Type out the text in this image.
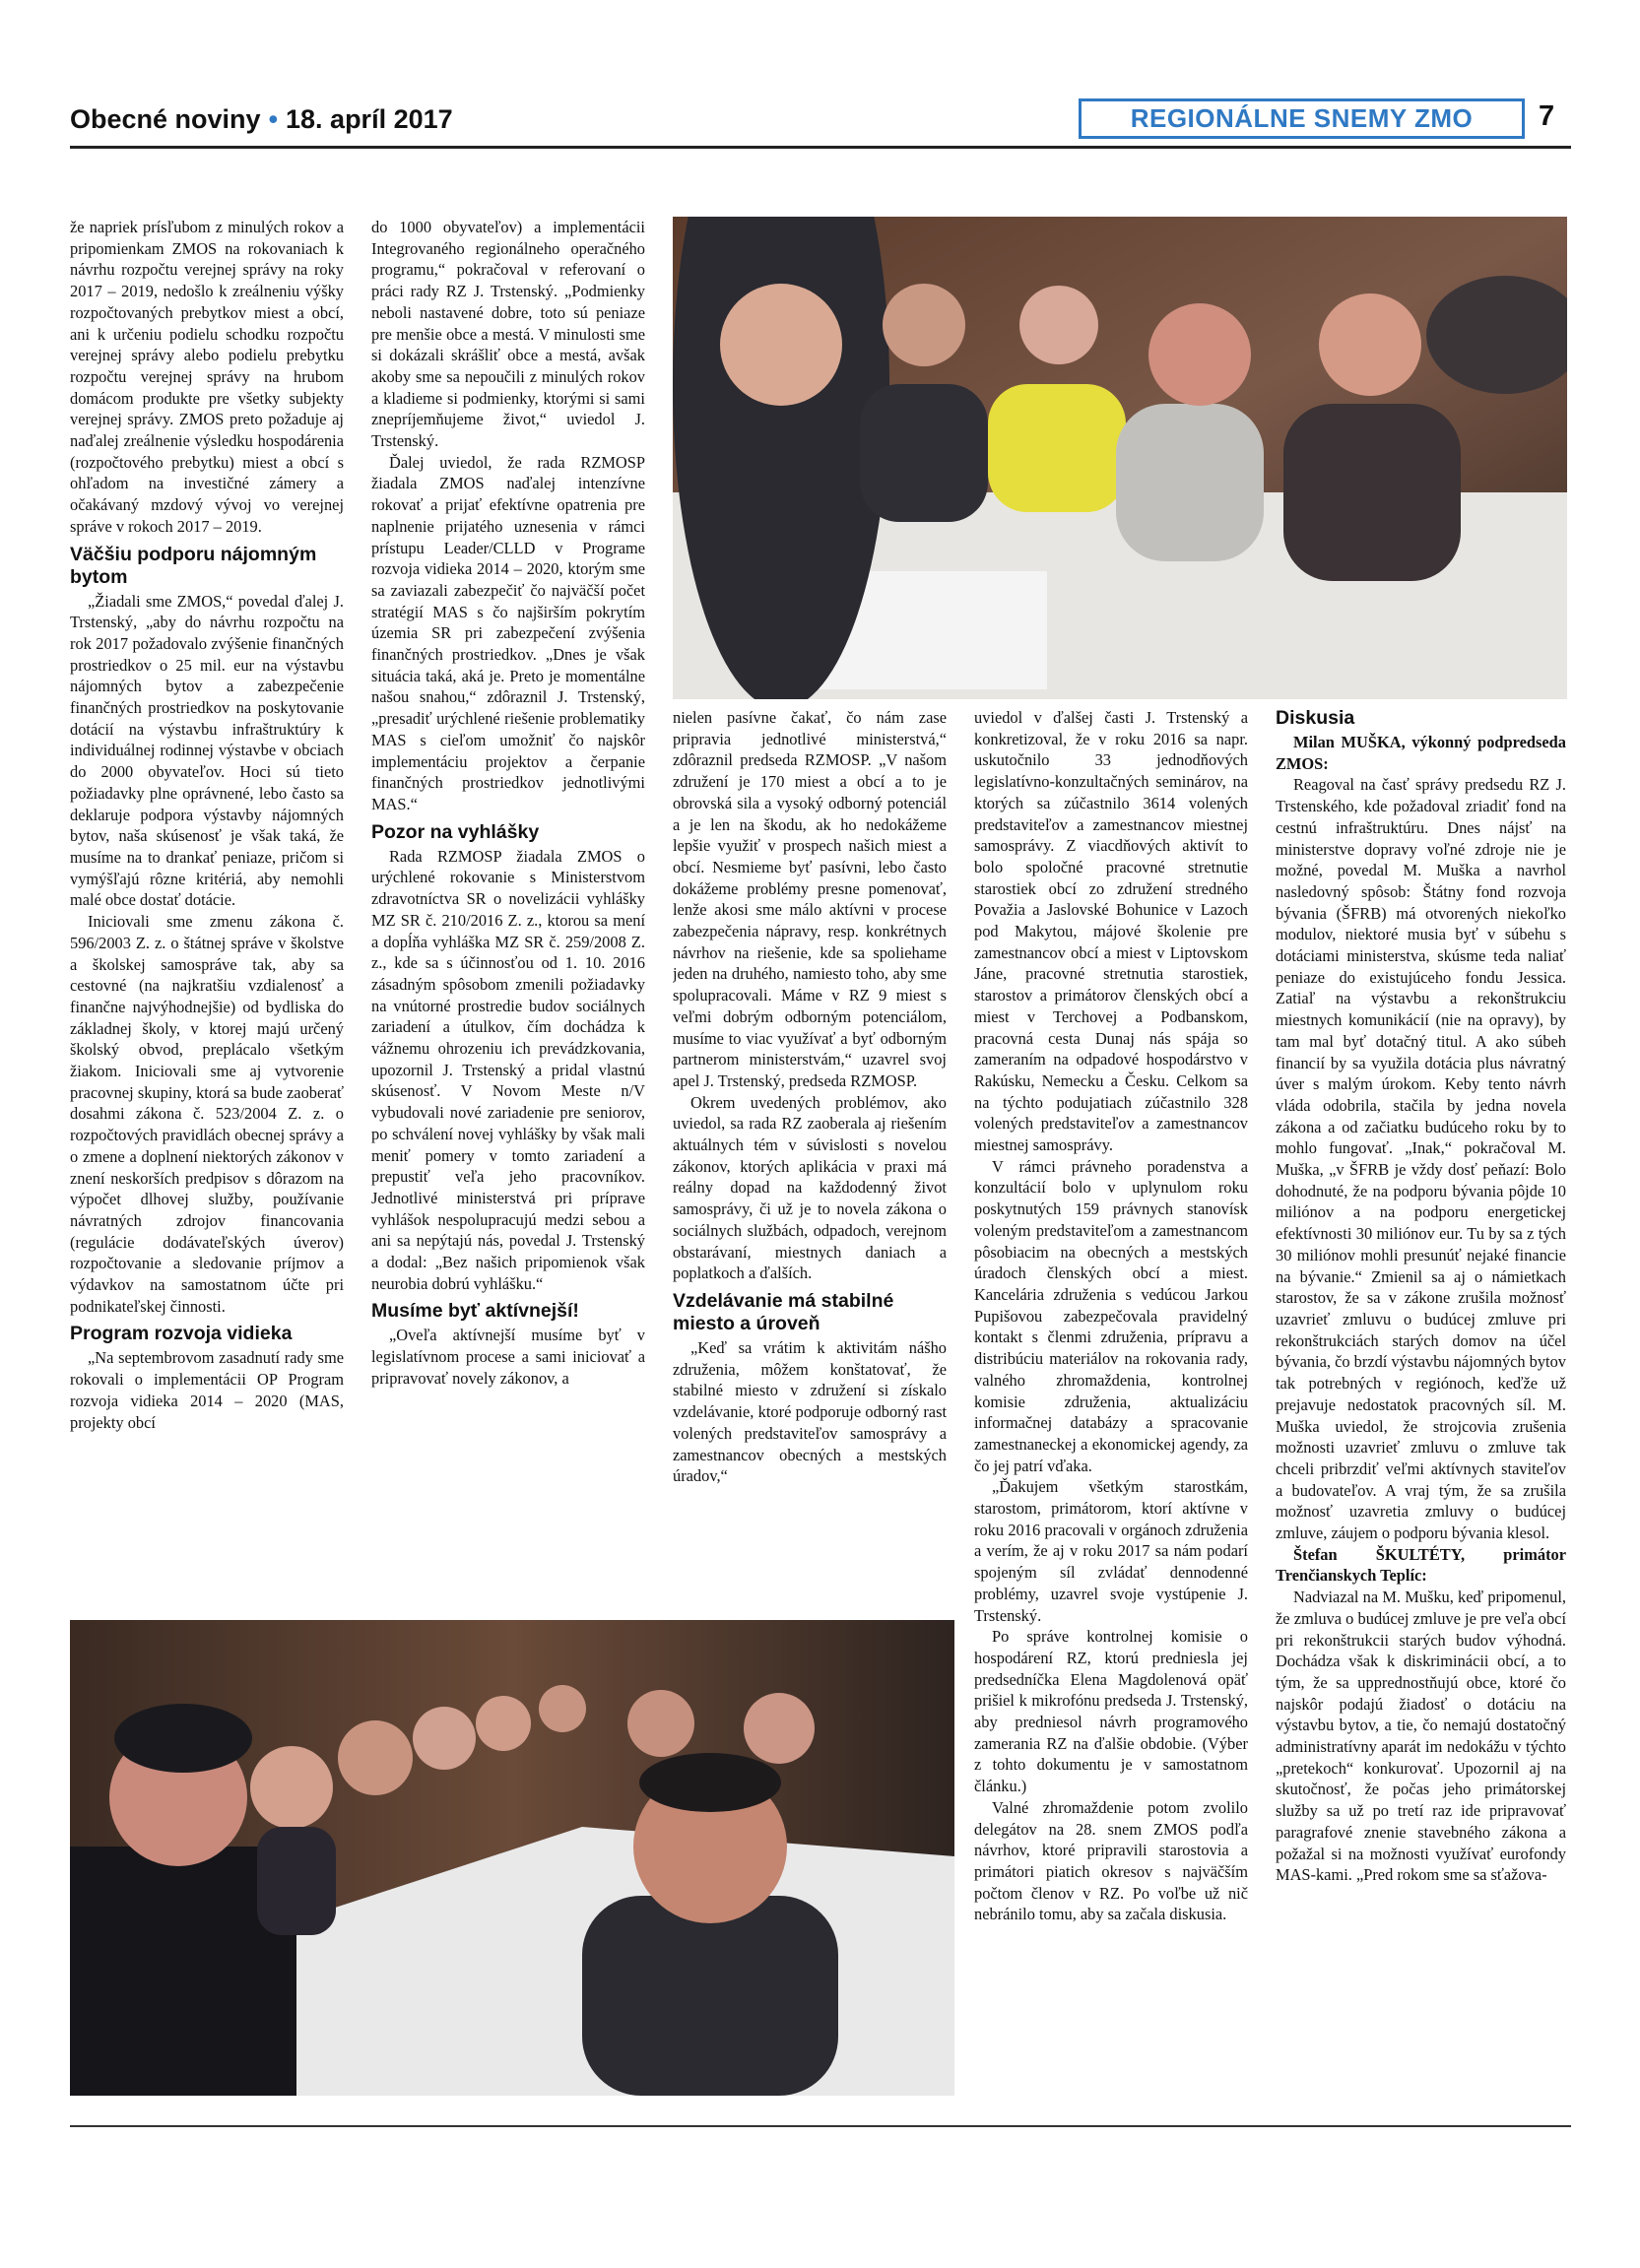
Obecné noviny • 18. apríl 2017	REGIONÁLNE SNEMY ZMO	7

že napriek prísľubom z minulých rokov a pripomienkam ZMOS na rokovaniach k návrhu rozpočtu verejnej správy na roky 2017 – 2019, nedošlo k zreálneniu výšky rozpočtovaných prebytkov miest a obcí, ani k určeniu podielu schodku rozpočtu verejnej správy alebo podielu prebytku rozpočtu verejnej správy na hrubom domácom produkte pre všetky subjekty verejnej správy. ZMOS preto požaduje aj naďalej zreálnenie výsledku hospodárenia (rozpočtového prebytku) miest a obcí s ohľadom na investičné zámery a očakávaný mzdový vývoj vo verejnej správe v rokoch 2017 – 2019.

Väčšiu podporu nájomným bytom

„Žiadali sme ZMOS,“ povedal ďalej J. Trstenský, „aby do návrhu rozpočtu na rok 2017 požadovalo zvýšenie finančných prostriedkov o 25 mil. eur na výstavbu nájomných bytov a zabezpečenie finančných prostriedkov na poskytovanie dotácií na výstavbu infraštruktúry k individuálnej rodinnej výstavbe v obciach do 2000 obyvateľov. Hoci sú tieto požiadavky plne oprávnené, lebo často sa deklaruje podpora výstavby nájomných bytov, naša skúsenosť je však taká, že musíme na to drankať peniaze, pričom si vymýšľajú rôzne kritériá, aby nemohli malé obce dostať dotácie.

Iniciovali sme zmenu zákona č. 596/2003 Z. z. o štátnej správe v školstve a školskej samospráve tak, aby sa cestovné (na najkratšiu vzdialenosť a finančne najvýhodnejšie) od bydliska do základnej školy, v ktorej majú určený školský obvod, preplácalo všetkým žiakom. Iniciovali sme aj vytvorenie pracovnej skupiny, ktorá sa bude zaoberať dosahmi zákona č. 523/2004 Z. z. o rozpočtových pravidlách obecnej správy a o zmene a doplnení niektorých zákonov v znení neskorších predpisov s dôrazom na výpočet dlhovej služby, používanie návratných zdrojov financovania (regulácie dodávateľských úverov) rozpočtovanie a sledovanie príjmov a výdavkov na samostatnom účte pri podnikateľskej činnosti.

Program rozvoja vidieka

„Na septembrovom zasadnutí rady sme rokovali o implementácii OP Program rozvoja vidieka 2014 – 2020 (MAS, projekty obcí

do 1000 obyvateľov) a implementácii Integrovaného regionálneho operačného programu,“ pokračoval v referovaní o práci rady RZ J. Trstenský. „Podmienky neboli nastavené dobre, toto sú peniaze pre menšie obce a mestá. V minulosti sme si dokázali skrášliť obce a mestá, avšak akoby sme sa nepoučili z minulých rokov a kladieme si podmienky, ktorými si sami znepríjemňujeme život,“ uviedol J. Trstenský.

Ďalej uviedol, že rada RZMOSP žiadala ZMOS naďalej intenzívne rokovať a prijať efektívne opatrenia pre naplnenie prijatého uznesenia v rámci prístupu Leader/CLLD v Programe rozvoja vidieka 2014 – 2020, ktorým sme sa zaviazali zabezpečiť čo najväčší počet stratégií MAS s čo najširším pokrytím územia SR pri zabezpečení zvýšenia finančných prostriedkov. „Dnes je však situácia taká, aká je. Preto je momentálne našou snahou,“ zdôraznil J. Trstenský, „presadiť urýchlené riešenie problematiky MAS s cieľom umožniť čo najskôr implementáciu projektov a čerpanie finančných prostriedkov jednotlivými MAS.“

Pozor na vyhlášky

Rada RZMOSP žiadala ZMOS o urýchlené rokovanie s Ministerstvom zdravotníctva SR o novelizácii vyhlášky MZ SR č. 210/2016 Z. z., ktorou sa mení a dopĺňa vyhláška MZ SR č. 259/2008 Z. z., kde sa s účinnosťou od 1. 10. 2016 zásadným spôsobom zmenili požiadavky na vnútorné prostredie budov sociálnych zariadení a útulkov, čím dochádza k vážnemu ohrozeniu ich prevádzkovania, upozornil J. Trstenský a pridal vlastnú skúsenosť. V Novom Meste n/V vybudovali nové zariadenie pre seniorov, po schválení novej vyhlášky by však mali meniť pomery v tomto zariadení a prepustiť veľa jeho pracovníkov. Jednotlivé ministerstvá pri príprave vyhlášok nespolupracujú medzi sebou a ani sa nepýtajú nás, povedal J. Trstenský a dodal: „Bez našich pripomienok však neurobia dobrú vyhlášku.“

Musíme byť aktívnejší!

„Oveľa aktívnejší musíme byť v legislatívnom procese a sami iniciovať a pripravovať novely zákonov, a

nielen pasívne čakať, čo nám zase pripravia jednotlivé ministerstvá,“ zdôraznil predseda RZMOSP. „V našom združení je 170 miest a obcí a to je obrovská sila a vysoký odborný potenciál a je len na škodu, ak ho nedokážeme lepšie využiť v prospech našich miest a obcí. Nesmieme byť pasívni, lebo často dokážeme problémy presne pomenovať, lenže akosi sme málo aktívni v procese zabezpečenia nápravy, resp. konkrétnych návrhov na riešenie, kde sa spoliehame jeden na druhého, namiesto toho, aby sme spolupracovali. Máme v RZ 9 miest s veľmi dobrým odborným potenciálom, musíme to viac využívať a byť odborným partnerom ministerstvám,“ uzavrel svoj apel J. Trstenský, predseda RZMOSP.

Okrem uvedených problémov, ako uviedol, sa rada RZ zaoberala aj riešením aktuálnych tém v súvislosti s novelou zákonov, ktorých aplikácia v praxi má reálny dopad na každodenný život samosprávy, či už je to novela zákona o sociálnych službách, odpadoch, verejnom obstarávaní, miestnych daniach a poplatkoch a ďalších.

Vzdelávanie má stabilné miesto a úroveň

„Keď sa vrátim k aktivitám nášho združenia, môžem konštatovať, že stabilné miesto v združení si získalo vzdelávanie, ktoré podporuje odborný rast volených predstaviteľov samosprávy a zamestnancov obecných a mestských úradov,“

uviedol v ďalšej časti J. Trstenský a konkretizoval, že v roku 2016 sa napr. uskutočnilo 33 jednodňových legislatívno-konzultačných seminárov, na ktorých sa zúčastnilo 3614 volených predstaviteľov a zamestnancov miestnej samosprávy. Z viacdňových aktivít to bolo spoločné pracovné stretnutie starostiek obcí zo združení stredného Považia a Jaslovské Bohunice v Lazoch pod Makytou, májové školenie pre zamestnancov obcí a miest v Liptovskom Jáne, pracovné stretnutia starostiek, starostov a primátorov členských obcí a miest v Terchovej a Podbanskom, pracovná cesta Dunaj nás spája so zameraním na odpadové hospodárstvo v Rakúsku, Nemecku a Česku. Celkom sa na týchto podujatiach zúčastnilo 328 volených predstaviteľov a zamestnancov miestnej samosprávy.

V rámci právneho poradenstva a konzultácií bolo v uplynulom roku poskytnutých 159 právnych stanovísk voleným predstaviteľom a zamestnancom pôsobiacim na obecných a mestských úradoch členských obcí a miest. Kancelária združenia s vedúcou Jarkou Pupišovou zabezpečovala pravidelný kontakt s členmi združenia, prípravu a distribúciu materiálov na rokovania rady, valného zhromaždenia, kontrolnej komisie združenia, aktualizáciu informačnej databázy a spracovanie zamestnaneckej a ekonomickej agendy, za čo jej patrí vďaka.

„Ďakujem všetkým starostkám, starostom, primátorom, ktorí aktívne v roku 2016 pracovali v orgánoch združenia a verím, že aj v roku 2017 sa nám podarí spojeným síl zvládať dennodenné problémy, uzavrel svoje vystúpenie J. Trstenský.

Po správe kontrolnej komisie o hospodárení RZ, ktorú predniesla jej predsedníčka Elena Magdolenová opäť prišiel k mikrofónu predseda J. Trstenský, aby predniesol návrh programového zamerania RZ na ďalšie obdobie. (Výber z tohto dokumentu je v samostatnom článku.)

Valné zhromaždenie potom zvolilo delegátov na 28. snem ZMOS podľa návrhov, ktoré pripravili starostovia a primátori piatich okresov s najväčším počtom členov v RZ. Po voľbe už nič nebránilo tomu, aby sa začala diskusia.

Diskusia

Milan MUŠKA, výkonný podpredseda ZMOS:

Reagoval na časť správy predsedu RZ J. Trstenského, kde požadoval zriadiť fond na cestnú infraštruktúru. Dnes nájsť na ministerstve dopravy voľné zdroje nie je možné, povedal M. Muška a navrhol nasledovný spôsob: Štátny fond rozvoja bývania (ŠFRB) má otvorených niekoľko modulov, niektoré musia byť v súbehu s dotáciami ministerstva, skúsme teda naliať peniaze do existujúceho fondu Jessica. Zatiaľ na výstavbu a rekonštrukciu miestnych komunikácií (nie na opravy), by tam mal byť dotačný titul. A ako súbeh financií by sa využila dotácia plus návratný úver s malým úrokom. Keby tento návrh vláda odobrila, stačila by jedna novela zákona a od začiatku budúceho roku by to mohlo fungovať. „Inak,“ pokračoval M. Muška, „v ŠFRB je vždy dosť peňazí: Bolo dohodnuté, že na podporu bývania pôjde 10 miliónov a na podporu energetickej efektívnosti 30 miliónov eur. Tu by sa z tých 30 miliónov mohli presunúť nejaké financie na bývanie.“ Zmienil sa aj o námietkach starostov, že sa v zákone zrušila možnosť uzavrieť zmluvu o budúcej zmluve pri rekonštrukciách starých domov na účel bývania, čo brzdí výstavbu nájomných bytov tak potrebných v regiónoch, keďže už prejavuje nedostatok pracovných síl. M. Muška uviedol, že strojcovia zrušenia možnosti uzavrieť zmluvu o zmluve tak chceli pribrzdiť veľmi aktívnych staviteľov a budovateľov. A vraj tým, že sa zrušila možnosť uzavretia zmluvy o budúcej zmluve, záujem o podporu bývania klesol.

Štefan ŠKULTÉTY, primátor Trenčianskych Teplíc:

Nadviazal na M. Mušku, keď pripomenul, že zmluva o budúcej zmluve je pre veľa obcí pri rekonštrukcii starých budov výhodná. Dochádza však k diskriminácii obcí, a to tým, že sa upprednostňujú obce, ktoré čo najskôr podajú žiadosť o dotáciu na výstavbu bytov, a tie, čo nemajú dostatočný administratívny aparát im nedokážu v týchto „pretekoch“ konkurovať. Upozornil aj na skutočnosť, že počas jeho primátorskej služby sa už po tretí raz ide pripravovať paragrafové znenie stavebného zákona a požažal si na možnosti využívať eurofondy MAS-kami. „Pred rokom sme sa sťažova-
